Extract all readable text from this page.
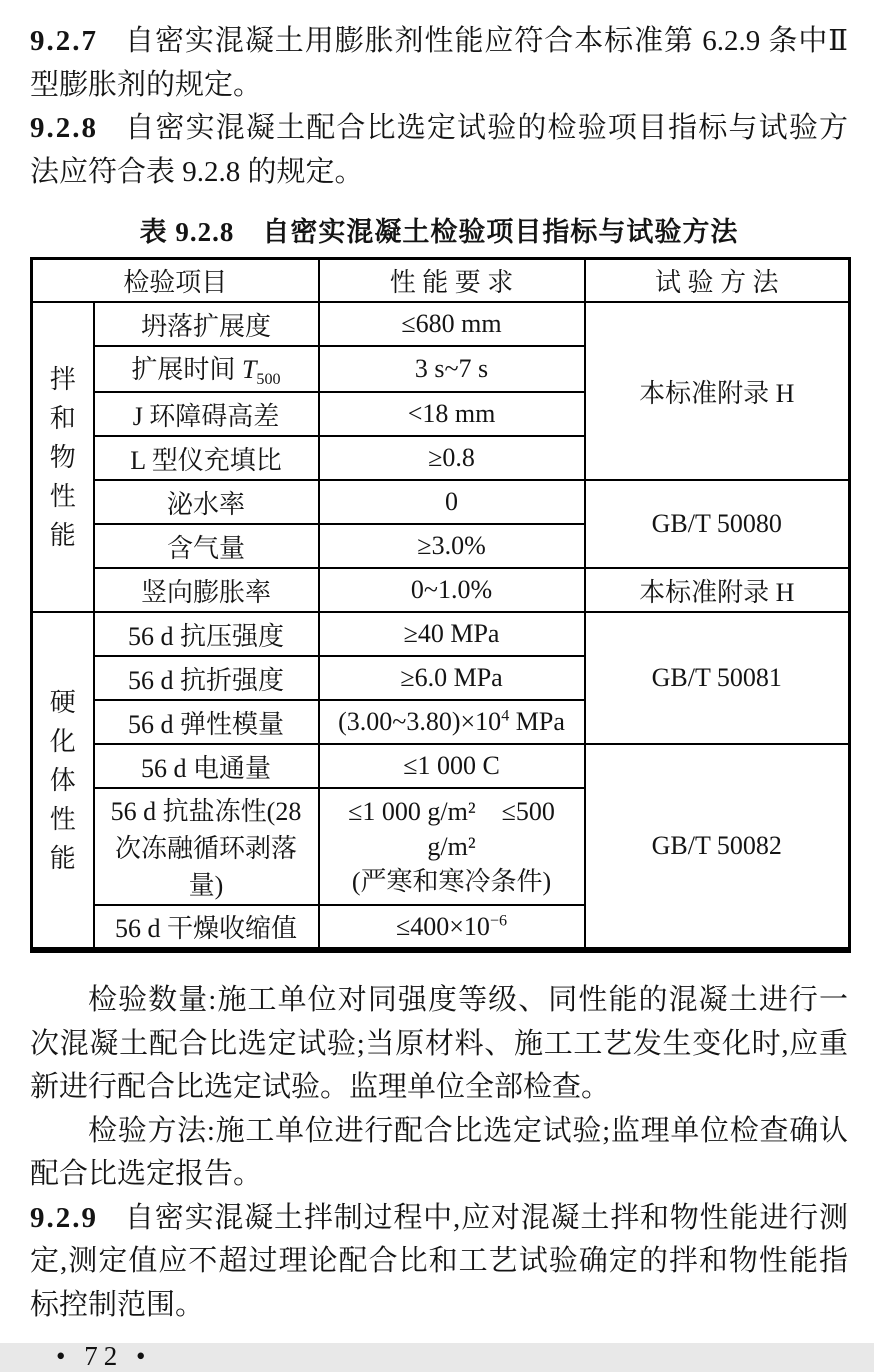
9.2.7 自密实混凝土用膨胀剂性能应符合本标准第 6.2.9 条中Ⅱ型膨胀剂的规定。

9.2.8 自密实混凝土配合比选定试验的检验项目指标与试验方法应符合表 9.2.8 的规定。

表 9.2.8　自密实混凝土检验项目指标与试验方法
检验项目		性 能 要 求	试 验 方 法
拌和物性能	坍落扩展度	≤680 mm	本标准附录 H
	扩展时间 $T_{500}$	3 s~7 s	
	J 环障碍高差	<18 mm	
	L 型仪充填比	≥0.8	
	泌水率	0	GB/T 50080
	含气量	≥3.0%	
	竖向膨胀率	0~1.0%	本标准附录 H
硬化体性能	56 d 抗压强度	≥40 MPa	GB/T 50081
	56 d 抗折强度	≥6.0 MPa	
	56 d 弹性模量	$(3.00\sim 3.80)\times 10^4$ MPa	
	56 d 电通量	≤1 000 C	GB/T 50082
	56 d 抗盐冻性(28 次冻融循环剥落量)	≤1 000 g/m²　≤500 g/m²
(严寒和寒冷条件)	

	56 d 干燥收缩值	$\le 400\times 10^{-6}$

检验数量:施工单位对同强度等级、同性能的混凝土进行一次混凝土配合比选定试验;当原材料、施工工艺发生变化时,应重新进行配合比选定试验。监理单位全部检查。

检验方法:施工单位进行配合比选定试验;监理单位检查确认配合比选定报告。

9.2.9 自密实混凝土拌制过程中,应对混凝土拌和物性能进行测定,测定值应不超过理论配合比和工艺试验确定的拌和物性能指标控制范围。

• 72 •
